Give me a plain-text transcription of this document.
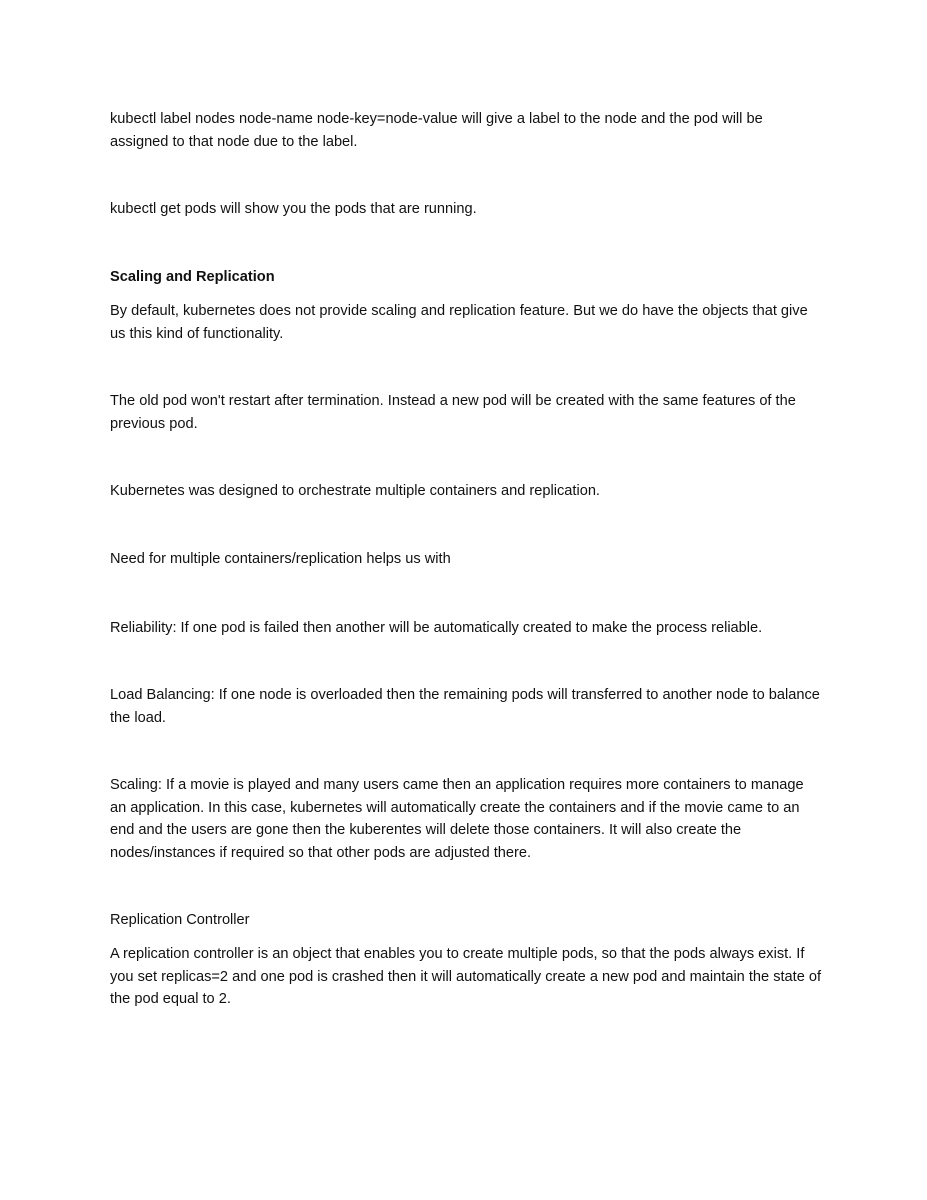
kubectl label nodes node-name node-key=node-value will give a label to the node and the pod will be assigned to that node due to the label.

kubectl get pods will show you the pods that are running.

Scaling and Replication

By default, kubernetes does not provide scaling and replication feature. But we do have the objects that give us this kind of functionality.

The old pod won't restart after termination. Instead a new pod will be created with the same features of the previous pod.

Kubernetes was designed to orchestrate multiple containers and replication.

Need for multiple containers/replication helps us with

Reliability: If one pod is failed then another will be automatically created to make the process reliable.

Load Balancing: If one node is overloaded then the remaining pods will transferred to another node to balance the load.

Scaling: If a movie is played and many users came then an application requires more containers to manage an application. In this case, kubernetes will automatically create the containers and if the movie came to an end and the users are gone then the kuberentes will delete those containers. It will also create the nodes/instances if required so that other pods are adjusted there.

Replication Controller

A replication controller is an object that enables you to create multiple pods, so that the pods always exist. If you set replicas=2 and one pod is crashed then it will automatically create a new pod and maintain the state of the pod equal to 2.
